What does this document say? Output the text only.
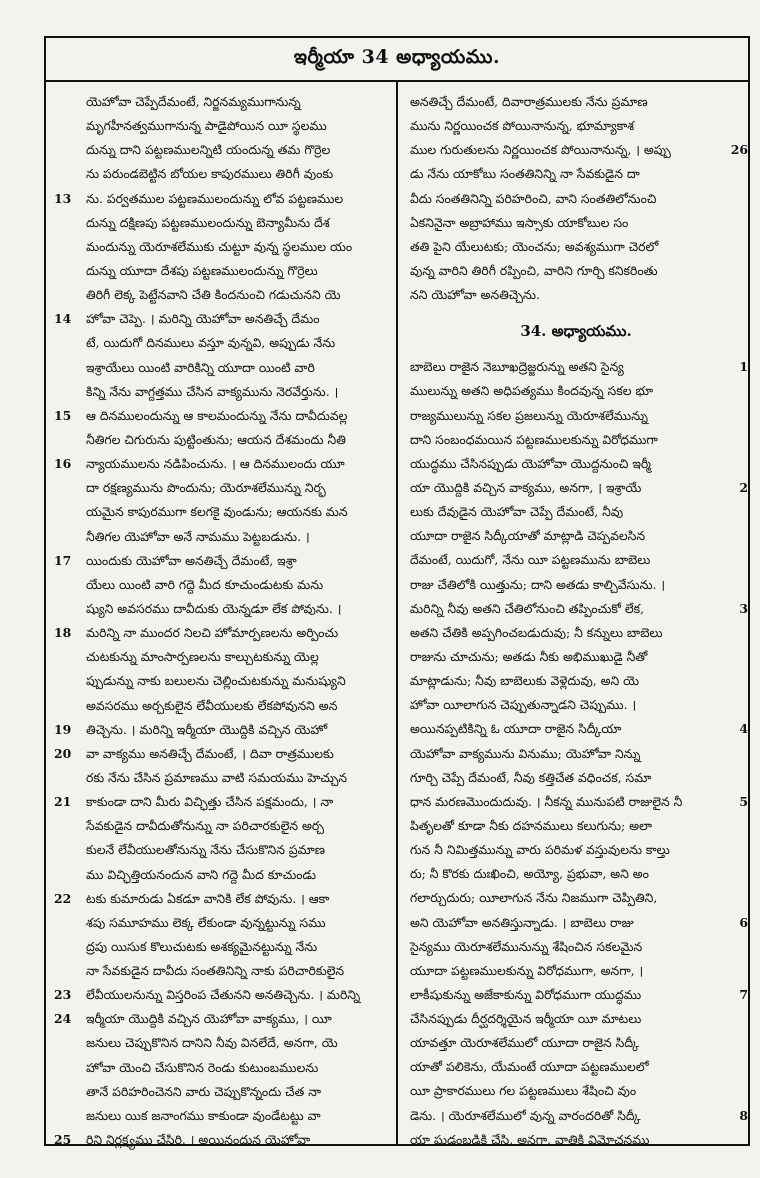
ఇర్మీయా 34 అధ్యాయము.
యెహోవా చెప్పేదేమంటే, నిర్జనమ్యముగానున్న
మృగహీనత్వముగానున్న పాడైపోయిన యీ స్థలము
దున్ను దాని పట్టణములన్నిటి యందున్న తమ గొర్రెల
ను పరుండబెట్టిన బోయల కాపురములు తిరిగీ వుంకు
13	ను. పర్వతముల పట్టణములందున్ను లోవ పట్టణముల
దున్ను దక్షిణపు పట్టణములందున్ను బెన్యామీను దేశ
మందున్ను యెరూశలేముకు చుట్టూ వున్న స్థలముల యం
దున్ను యూదా దేశపు పట్టణములందున్ను గొర్రెలు
తిరిగీ లెక్క పెట్టేనవాని చేతి కిందనుంచి గడుచునని యె
14	హోవా చెప్పె. । మరిన్ని యెహోవా అనతిచ్చే దేమం
టే, యిదుగో దినములు వస్తూ వున్నవి, అప్పుడు నేను
ఇశ్రాయేలు యింటి వారికిన్ని యూదా యింటి వారి
కిన్ని నేను వాగ్దత్తము చేసిన వాక్యమును నెరవేర్తును. ।
15	ఆ దినములందున్ను ఆ కాలమందున్ను నేను దావీదువల్ల
నీతిగల చిగురును పుట్టింతును; ఆయన దేశమందు నీతి
16	న్యాయములను నడిపించును. । ఆ దినములందు యూ
దా రక్షణ్యమును పొందును; యెరూశలేమున్ను నిర్భ
యమైన కాపురముగా కలగకై వుండును; ఆయనకు మన
నీతిగల యెహోవా అనే నామము పెట్టబడును. ।
17	యిందుకు యెహోవా అనతిచ్చే దేమంటే, ఇశ్రా
యేలు యింటి వారి గద్దె మీద కూచుండుటకు మను
ష్యుని అవసరము దావీదుకు యెన్నడూ లేక పోవును. ।
18	మరిన్ని నా ముందర నిలచి హోమార్పణలను అర్పించు
చుటకున్ను మాంసార్పణలను కాల్చుటకున్ను యెల్ల
ప్పుడున్ను నాకు బలులను చెల్లించుటకున్ను మనుష్యుని
అవసరము అర్చకులైన లేవీయులకు లేకపోవునని అన
19	తిచ్చెను. । మరిన్ని ఇర్మీయా యొద్దికి వచ్చిన యెహో
20	వా వాక్యము అనతిచ్చే దేమంటే, । దివా రాత్రములకు
రకు నేను చేసిన ప్రమాణము వాటి సమయము హెచ్చున
21	కాకుండా దాని మీరు విచ్ఛిత్తు చేసిన పక్షమందు, । నా
సేవకుడైన దావీదుతోనున్ను నా పరిచారకులైన అర్చ
కులనే లేవీయులతోనున్ను నేను చేసుకొనిన ప్రమాణ
ము విచ్ఛిత్తియనందున వాని గద్దె మీద కూచుండు
22	టకు కుమారుడు ఏకడూ వానికి లేక పోవును. । ఆకా
శపు సమూహము లెక్క లేకుండా వున్నట్టున్ను సము
ద్రపు యిసుక కొలుచుటకు అశక్యమైనట్టున్ను నేను
నా సేవకుడైన దావీదు సంతతినిన్ని నాకు పరిచారికులైన
23	లేవీయులనున్ను విస్తరింప చేతునని అనతిచ్చెను. । మరిన్ని
24	ఇర్మీయా యొద్దికి వచ్చిన యెహోవా వాక్యము, । యీ
జనులు చెప్పుకొనిన దానిని నీవు వినలేదే, అనగా, యె
హోవా యెంచి చేసుకొనిన రెండు కుటుంబములను
తానే పరిహరించెనని వారు చెప్పుకొన్నందు చేత నా
జనులు యిక జనాంగము కాకుండా వుండేటట్టు వా
25	రిని నిర్లక్ష్యము చేసిరి. । అయినందున యెహోవా
అనతిచ్చే దేమంటే, దివారాత్రములకు నేను ప్రమాణ
మును నిర్ణయించక పోయినానున్న, భూమ్యాకాశ
ముల గురుతులను నిర్ణయించక పోయినానున్న, । అప్పు	26
డు నేను యాకోబు సంతతినిన్ని నా సేవకుడైన దా
వీదు సంతతినిన్ని పరిహరించి, వాని సంతతిలోనుంచి
ఏకనినైనా అబ్రాహాము ఇస్సాకు యాకోబుల సం
తతి పైని యేలుటకు; యెంచను; అవశ్యముగా చెరలో
వున్న వారిని తిరిగీ రప్పించి, వారిని గూర్చి కనికరింతు
నని యెహోవా అనతిచ్చెను.
34. అధ్యాయము.
బాబెలు రాజైన నెబూఖద్రెజ్జరున్ను అతని సైన్య	1
ములున్ను అతని అధిపత్యము కిందవున్న సకల భూ
రాజ్యములున్ను సకల ప్రజలున్ను యెరూశలేమున్ను
దాని సంబంధమయిన పట్టణములకున్ను విరోధముగా
యుద్ధము చేసినప్పుడు యెహోవా యొద్దనుంచి ఇర్మీ
యా యొద్దికి వచ్చిన వాక్యము, అనగా, । ఇశ్రాయే	2
లుకు దేవుడైన యెహోవా చెప్పే దేమంటే, నీవు
యూదా రాజైన సిద్కీయాతో మాట్లాడి చెప్పవలసిన
దేమంటే, యిదుగో, నేను యీ పట్టణమును బాబెలు
రాజు చేతిలోకి యిత్తును; దాని అతడు కాల్చివేసును. ।
మరిన్ని నీవు అతని చేతిలోనుంచి తప్పించుకో లేక,	3
అతని చేతికి అప్పగించబడుదువు; నీ కన్నులు బాబెలు
రాజును చూచును; అతడు నీకు అభిముఖుడై నీతో
మాట్లాడును; నీవు బాబెలుకు వెళ్లెదువు, అని యె
హోవా యీలాగున చెప్పుతున్నాడని చెప్పుము. ।
అయినప్పటికిన్ని ఓ యూదా రాజైన సిద్కీయా	4
యెహోవా వాక్యమును వినుము; యెహోవా నిన్ను
గూర్చి చెప్పే దేమంటే, నీవు కత్తిచేత వధించక, సమా
ధాన మరణమొందుదువు. । నీకన్న మునుపటి రాజులైన నీ	5
పితృలతో కూడా నీకు దహనములు కలుగును; అలా
గున నీ నిమిత్తమున్ను వారు పరిమళ వస్తువులను కాల్తు
రు; నీ కొరకు దుఃఖించి, అయ్యో, ప్రభువా, అని అం
గలార్చుదురు; యీలాగున నేను నిజముగా చెప్పితిని,
అని యెహోవా అనతిస్తున్నాడు. । బాబెలు రాజు	6
సైన్యము యెరూశలేమునున్ను శేషించిన సకలమైన
యూదా పట్టణములకున్ను విరోధముగా, అనగా, ।
లాకీషుకున్ను అజేకాకున్ను విరోధముగా యుద్ధము	7
చేసినప్పుడు దీర్ఘదర్శియైన ఇర్మీయా యీ మాటలు
యావత్తూ యెరూశలేములో యూదా రాజైన సిద్కీ
యాతో పలికెను, యేమంటే యూదా పట్టణములలో
యీ ప్రాకారములు గల పట్టణములు శేషించి వుం
డెను. । యెరూశలేములో వున్న వారందరితో సిద్కీ	8
యా ఘడంబడికి చేసి, అనగా, వాతికి విమోచనము
